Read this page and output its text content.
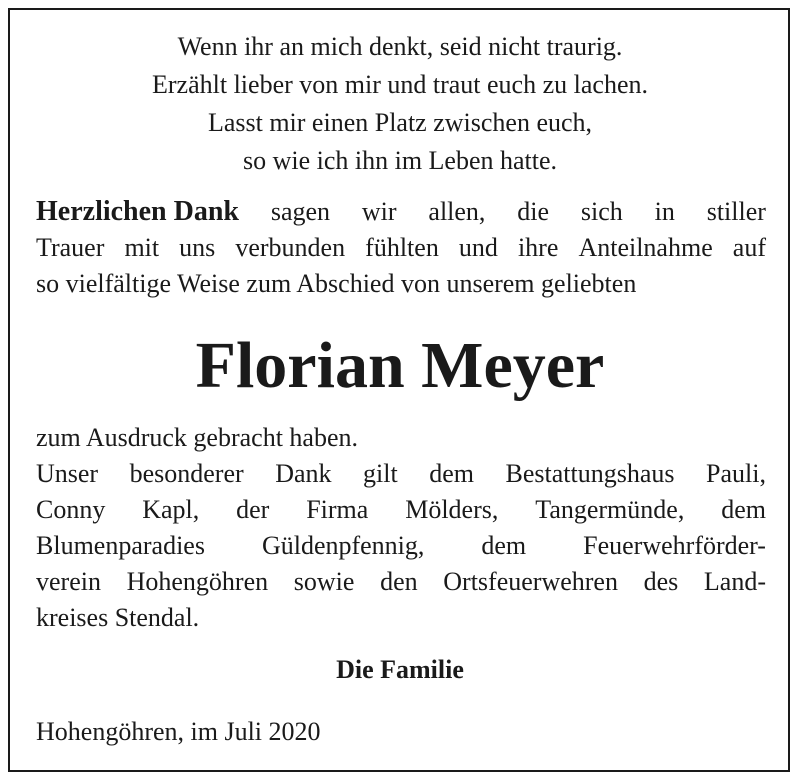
Wenn ihr an mich denkt, seid nicht traurig.
Erzählt lieber von mir und traut euch zu lachen.
Lasst mir einen Platz zwischen euch,
so wie ich ihn im Leben hatte.
Herzlichen Dank sagen wir allen, die sich in stiller
Trauer mit uns verbunden fühlten und ihre Anteilnahme auf
so vielfältige Weise zum Abschied von unserem geliebten
Florian Meyer
zum Ausdruck gebracht haben.
Unser besonderer Dank gilt dem Bestattungshaus Pauli,
Conny Kapl, der Firma Mölders, Tangermünde, dem
Blumenparadies Güldenpfennig, dem Feuerwehrförder-
verein Hohengöhren sowie den Ortsfeuerwehren des Land-
kreises Stendal.
Die Familie
Hohengöhren, im Juli 2020
